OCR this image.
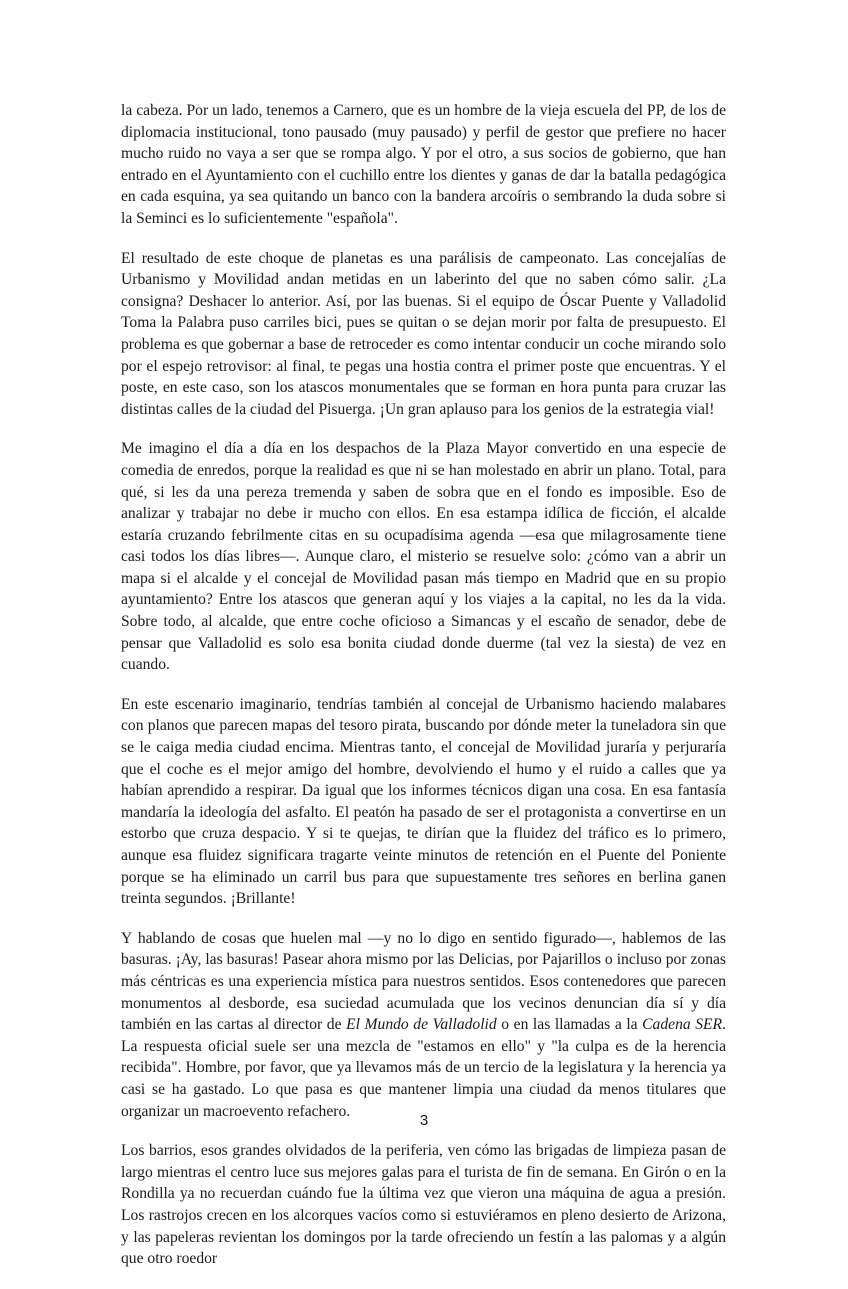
la cabeza. Por un lado, tenemos a Carnero, que es un hombre de la vieja escuela del PP, de los de diplomacia institucional, tono pausado (muy pausado) y perfil de gestor que prefiere no hacer mucho ruido no vaya a ser que se rompa algo. Y por el otro, a sus socios de gobierno, que han entrado en el Ayuntamiento con el cuchillo entre los dientes y ganas de dar la batalla pedagógica en cada esquina, ya sea quitando un banco con la bandera arcoíris o sembrando la duda sobre si la Seminci es lo suficientemente "española".

El resultado de este choque de planetas es una parálisis de campeonato. Las concejalías de Urbanismo y Movilidad andan metidas en un laberinto del que no saben cómo salir. ¿La consigna? Deshacer lo anterior. Así, por las buenas. Si el equipo de Óscar Puente y Valladolid Toma la Palabra puso carriles bici, pues se quitan o se dejan morir por falta de presupuesto. El problema es que gobernar a base de retroceder es como intentar conducir un coche mirando solo por el espejo retrovisor: al final, te pegas una hostia contra el primer poste que encuentras. Y el poste, en este caso, son los atascos monumentales que se forman en hora punta para cruzar las distintas calles de la ciudad del Pisuerga. ¡Un gran aplauso para los genios de la estrategia vial!

Me imagino el día a día en los despachos de la Plaza Mayor convertido en una especie de comedia de enredos, porque la realidad es que ni se han molestado en abrir un plano. Total, para qué, si les da una pereza tremenda y saben de sobra que en el fondo es imposible. Eso de analizar y trabajar no debe ir mucho con ellos. En esa estampa idílica de ficción, el alcalde estaría cruzando febrilmente citas en su ocupadísima agenda —esa que milagrosamente tiene casi todos los días libres—. Aunque claro, el misterio se resuelve solo: ¿cómo van a abrir un mapa si el alcalde y el concejal de Movilidad pasan más tiempo en Madrid que en su propio ayuntamiento? Entre los atascos que generan aquí y los viajes a la capital, no les da la vida. Sobre todo, al alcalde, que entre coche oficioso a Simancas y el escaño de senador, debe de pensar que Valladolid es solo esa bonita ciudad donde duerme (tal vez la siesta) de vez en cuando.

En este escenario imaginario, tendrías también al concejal de Urbanismo haciendo malabares con planos que parecen mapas del tesoro pirata, buscando por dónde meter la tuneladora sin que se le caiga media ciudad encima. Mientras tanto, el concejal de Movilidad juraría y perjuraría que el coche es el mejor amigo del hombre, devolviendo el humo y el ruido a calles que ya habían aprendido a respirar. Da igual que los informes técnicos digan una cosa. En esa fantasía mandaría la ideología del asfalto. El peatón ha pasado de ser el protagonista a convertirse en un estorbo que cruza despacio. Y si te quejas, te dirían que la fluidez del tráfico es lo primero, aunque esa fluidez significara tragarte veinte minutos de retención en el Puente del Poniente porque se ha eliminado un carril bus para que supuestamente tres señores en berlina ganen treinta segundos. ¡Brillante!

Y hablando de cosas que huelen mal —y no lo digo en sentido figurado—, hablemos de las basuras. ¡Ay, las basuras! Pasear ahora mismo por las Delicias, por Pajarillos o incluso por zonas más céntricas es una experiencia mística para nuestros sentidos. Esos contenedores que parecen monumentos al desborde, esa suciedad acumulada que los vecinos denuncian día sí y día también en las cartas al director de El Mundo de Valladolid o en las llamadas a la Cadena SER. La respuesta oficial suele ser una mezcla de "estamos en ello" y "la culpa es de la herencia recibida". Hombre, por favor, que ya llevamos más de un tercio de la legislatura y la herencia ya casi se ha gastado. Lo que pasa es que mantener limpia una ciudad da menos titulares que organizar un macroevento refachero.

Los barrios, esos grandes olvidados de la periferia, ven cómo las brigadas de limpieza pasan de largo mientras el centro luce sus mejores galas para el turista de fin de semana. En Girón o en la Rondilla ya no recuerdan cuándo fue la última vez que vieron una máquina de agua a presión. Los rastrojos crecen en los alcorques vacíos como si estuviéramos en pleno desierto de Arizona, y las papeleras revientan los domingos por la tarde ofreciendo un festín a las palomas y a algún que otro roedor

3
